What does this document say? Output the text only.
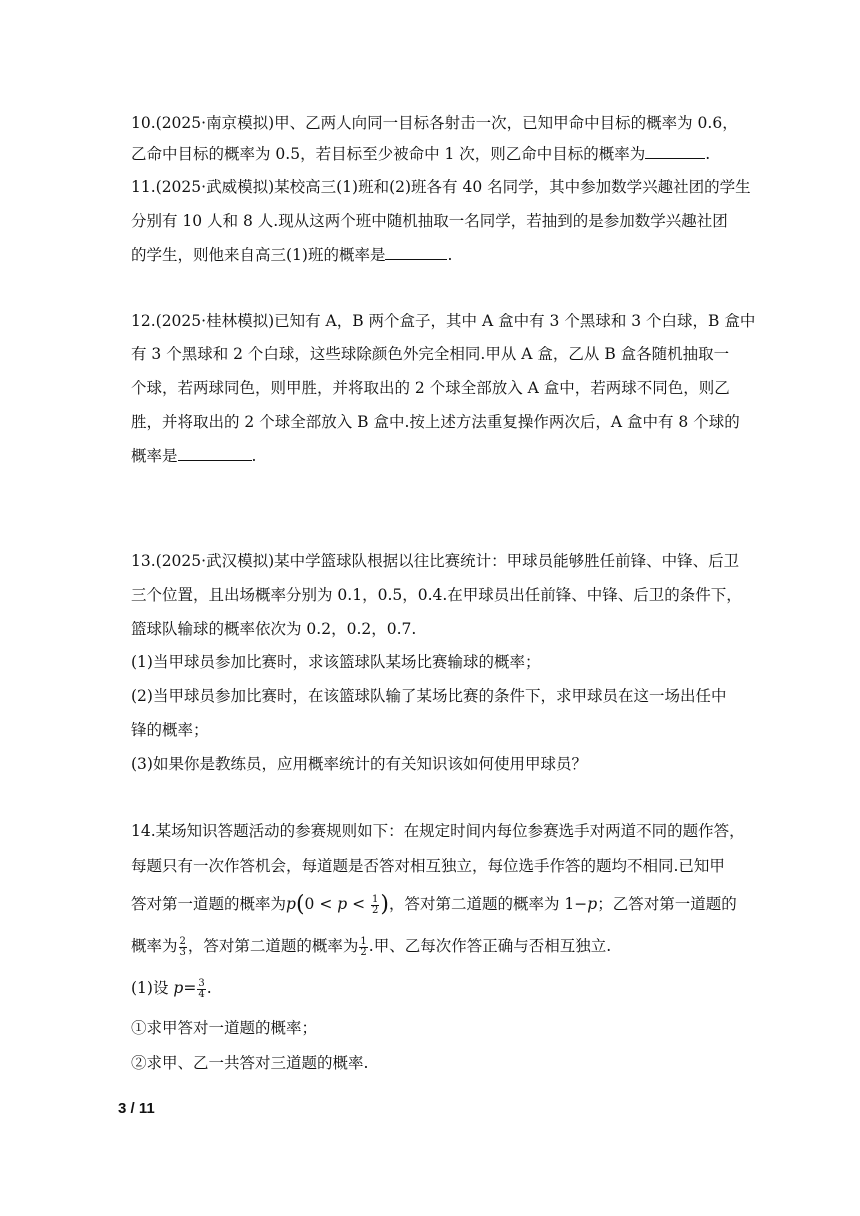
10.(2025·南京模拟)甲、乙两人向同一目标各射击一次，已知甲命中目标的概率为 0.6，
乙命中目标的概率为 0.5，若目标至少被命中 1 次，则乙命中目标的概率为	.
11.(2025·武威模拟)某校高三(1)班和(2)班各有 40 名同学，其中参加数学兴趣社团的学生
分别有 10 人和 8 人.现从这两个班中随机抽取一名同学，若抽到的是参加数学兴趣社团
的学生，则他来自高三(1)班的概率是	.
12.(2025·桂林模拟)已知有 A，B 两个盒子，其中 A 盒中有 3 个黑球和 3 个白球，B 盒中
有 3 个黑球和 2 个白球，这些球除颜色外完全相同.甲从 A 盒，乙从 B 盒各随机抽取一
个球，若两球同色，则甲胜，并将取出的 2 个球全部放入 A 盒中，若两球不同色，则乙
胜，并将取出的 2 个球全部放入 B 盒中.按上述方法重复操作两次后，A 盒中有 8 个球的
概率是	.
13.(2025·武汉模拟)某中学篮球队根据以往比赛统计：甲球员能够胜任前锋、中锋、后卫
三个位置，且出场概率分别为 0.1，0.5，0.4.在甲球员出任前锋、中锋、后卫的条件下，
篮球队输球的概率依次为 0.2，0.2，0.7.
(1)当甲球员参加比赛时，求该篮球队某场比赛输球的概率；
(2)当甲球员参加比赛时，在该篮球队输了某场比赛的条件下，求甲球员在这一场出任中
锋的概率；
(3)如果你是教练员，应用概率统计的有关知识该如何使用甲球员？
14.某场知识答题活动的参赛规则如下：在规定时间内每位参赛选手对两道不同的题作答，
每题只有一次作答机会，每道题是否答对相互独立，每位选手作答的题均不相同.已知甲
答对第一道题的概率为$p(0 < p < \frac{1}{2}$ )，答对第二道题的概率为 1−p；乙答对第一道题的
概率为 $\frac{2}{3}$ ，答对第二道题的概率为 $\frac{1}{2}$ .甲、乙每次作答正确与否相互独立.
(1)设 $p= \frac{3}{4}$ .
①求甲答对一道题的概率；
②求甲、乙一共答对三道题的概率.
3 / 11
